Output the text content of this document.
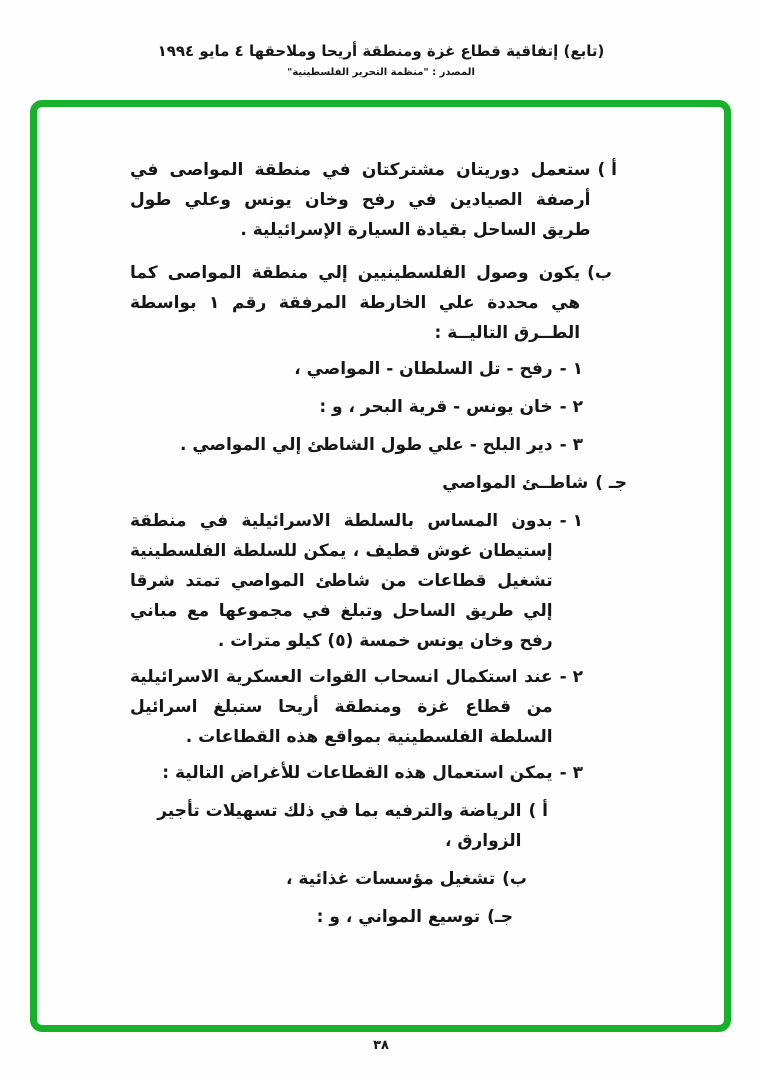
(تابع) إتفاقية قطاع غزة ومنطقة أريحا وملاحقها ٤ مايو ١٩٩٤
المصدر : "منظمة التحرير الفلسطينية"
أ )
ستعمل دوريتان مشتركتان في منطقة المواصى في أرصفة الصيادين في رفح وخان يونس وعلي طول طريق الساحل بقيادة السيارة الإسرائيلية .
ب)
يكون وصول الفلسطينيين إلي منطقة المواصى كما هي محددة علي الخارطة المرفقة رقم ١ بواسطة الطــرق التاليــة :
١ -
رفح - تل السلطان - المواصي ،
٢ -
خان يونس - قرية البحر ، و :
٣ -
دير البلح - علي طول الشاطئ إلي المواصي .
جـ )
شاطــئ المواصي
١ -
بدون المساس بالسلطة الاسرائيلية في منطقة إستيطان غوش قطيف ، يمكن للسلطة الفلسطينية تشغيل قطاعات من شاطئ المواصي تمتد شرقا إلي طريق الساحل وتبلغ في مجموعها مع مباني رفح وخان يونس خمسة (٥) كيلو مترات .
٢ -
عند استكمال انسحاب القوات العسكرية الاسرائيلية من قطاع غزة ومنطقة أريحا ستبلغ اسرائيل السلطة الفلسطينية بمواقع هذه القطاعات .
٣ -
يمكن استعمال هذه القطاعات للأغراض التالية :
أ )
الرياضة والترفيه بما في ذلك تسهيلات تأجير الزوارق ،
ب)
تشغيل مؤسسات غذائية ،
جـ)
توسيع المواني ، و :
٣٨
